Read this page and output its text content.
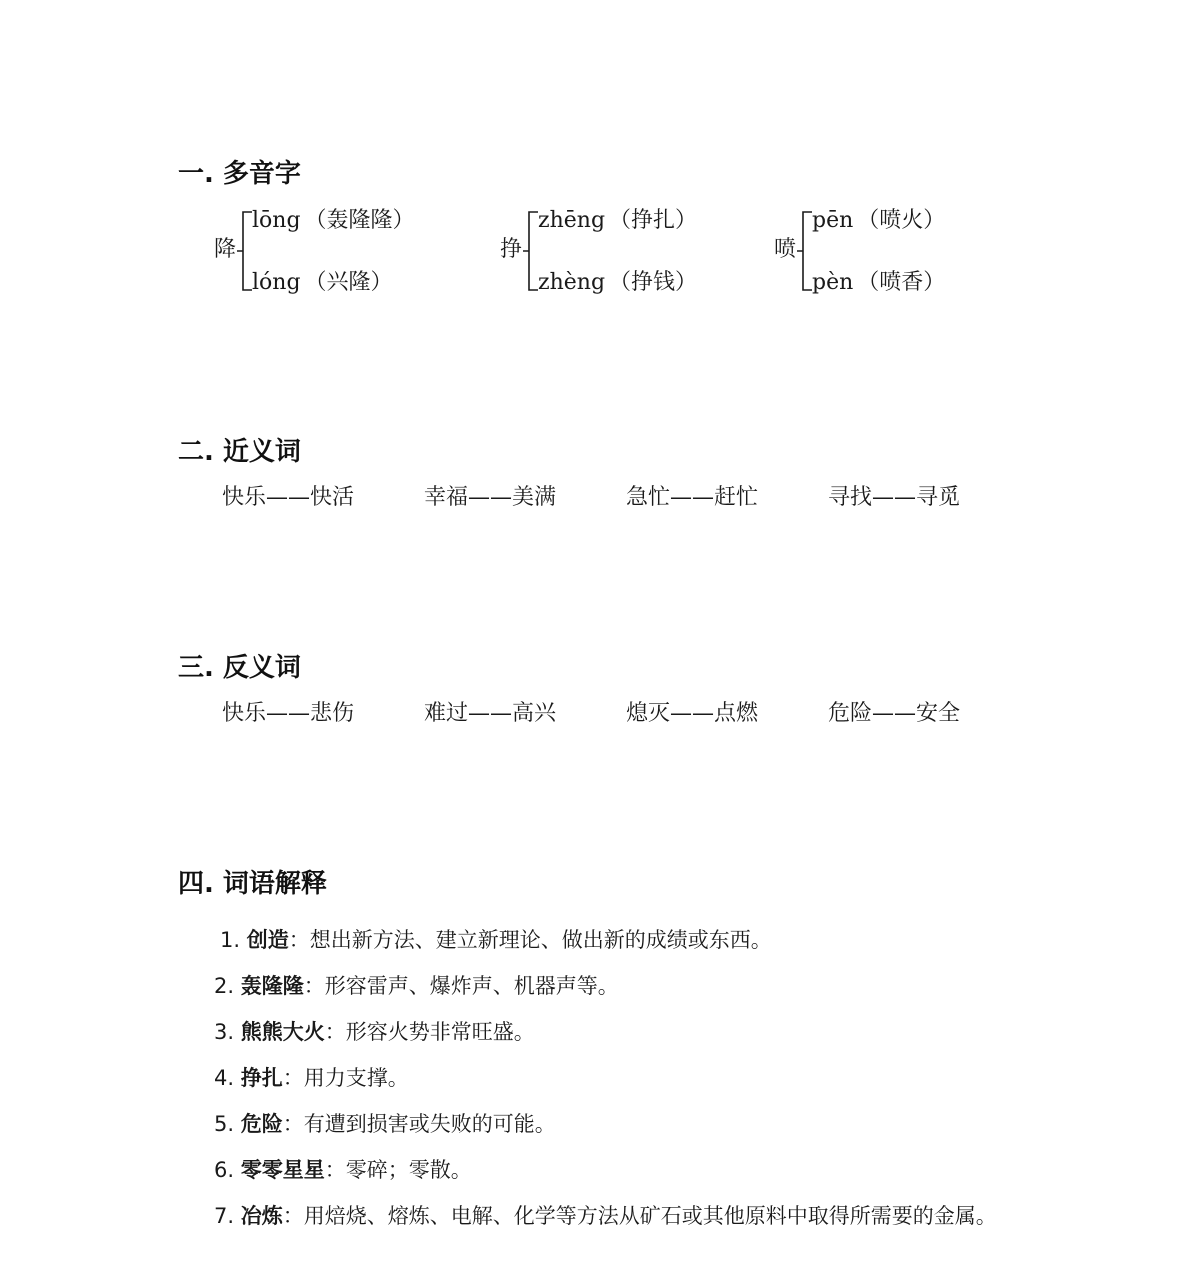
一. 多音字
降
lōng （轰隆隆）
lóng （兴隆）
挣
zhēng （挣扎）
zhèng （挣钱）
喷
pēn （喷火）
pèn （喷香）
二. 近义词
快乐——快活	幸福——美满	急忙——赶忙	寻找——寻觅
三. 反义词
快乐——悲伤	难过——高兴	熄灭——点燃	危险——安全
四. 词语解释
1. 创造：想出新方法、建立新理论、做出新的成绩或东西。
2. 轰隆隆：形容雷声、爆炸声、机器声等。
3. 熊熊大火：形容火势非常旺盛。
4. 挣扎：用力支撑。
5. 危险：有遭到损害或失败的可能。
6. 零零星星：零碎；零散。
7. 冶炼：用焙烧、熔炼、电解、化学等方法从矿石或其他原料中取得所需要的金属。
